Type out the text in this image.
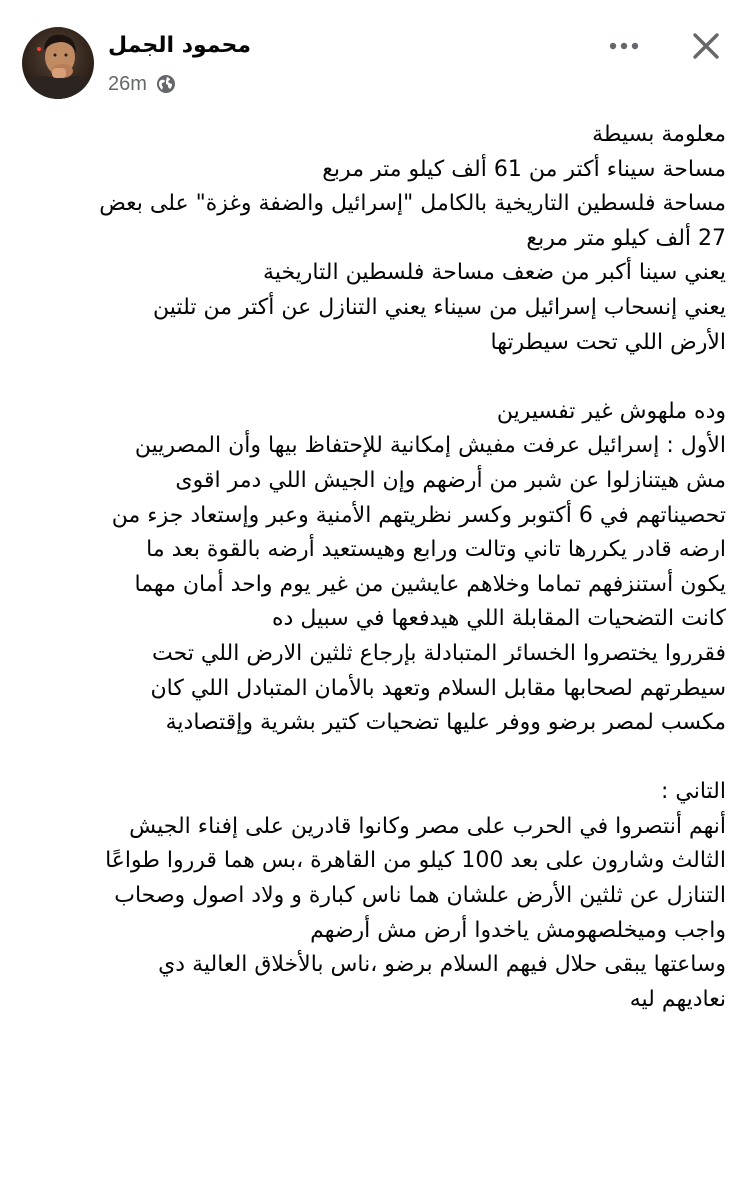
محمود الجمل
26m
معلومة بسيطة
مساحة سيناء أكتر من 61 ألف كيلو متر مربع
مساحة فلسطين التاريخية بالكامل "إسرائيل والضفة وغزة" على بعض
27 ألف كيلو متر مربع
يعني سينا أكبر من ضعف مساحة فلسطين التاريخية
يعني إنسحاب إسرائيل من سيناء يعني التنازل عن أكتر من تلتين
الأرض اللي تحت سيطرتها
وده ملهوش غير تفسيرين
الأول : إسرائيل عرفت مفيش إمكانية للإحتفاظ بيها وأن المصريين
مش هيتنازلوا عن شبر من أرضهم وإن الجيش اللي دمر اقوى
تحصيناتهم في 6 أكتوبر وكسر نظريتهم الأمنية وعبر وإستعاد جزء من
ارضه قادر يكررها تاني وتالت ورابع وهيستعيد أرضه بالقوة بعد ما
يكون أستنزفهم تماما وخلاهم عايشين من غير يوم واحد أمان مهما
كانت التضحيات المقابلة اللي هيدفعها في سبيل ده
فقرروا يختصروا الخسائر المتبادلة بإرجاع ثلثين الارض اللي تحت
سيطرتهم لصحابها مقابل السلام وتعهد بالأمان المتبادل اللي كان
مكسب لمصر برضو ووفر عليها تضحيات كتير بشرية وإقتصادية
التاني :
أنهم أنتصروا في الحرب على مصر وكانوا قادرين على إفناء الجيش
الثالث وشارون على بعد 100 كيلو من القاهرة ،بس هما قرروا طواعًا
التنازل عن ثلثين الأرض علشان هما ناس كبارة و ولاد اصول وصحاب
واجب وميخلصهومش ياخدوا أرض مش أرضهم
وساعتها يبقى حلال فيهم السلام برضو ،ناس بالأخلاق العالية دي
نعاديهم ليه
